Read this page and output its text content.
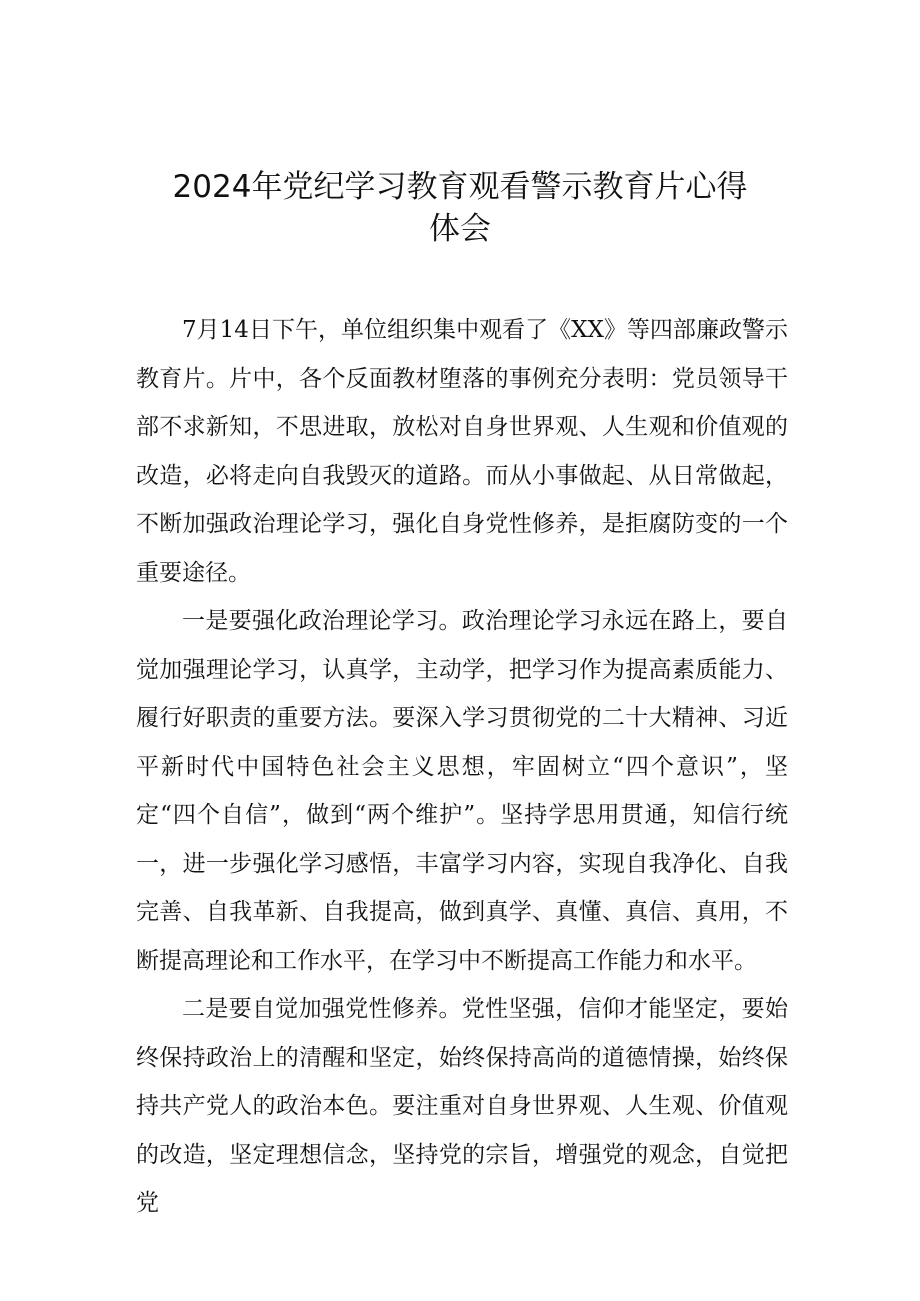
2024年党纪学习教育观看警示教育片心得
体会

7月14日下午，单位组织集中观看了《XX》等四部廉政警示教育片。片中，各个反面教材堕落的事例充分表明：党员领导干部不求新知，不思进取，放松对自身世界观、人生观和价值观的改造，必将走向自我毁灭的道路。而从小事做起、从日常做起，不断加强政治理论学习，强化自身党性修养，是拒腐防变的一个重要途径。

一是要强化政治理论学习。政治理论学习永远在路上，要自觉加强理论学习，认真学，主动学，把学习作为提高素质能力、履行好职责的重要方法。要深入学习贯彻党的二十大精神、习近平新时代中国特色社会主义思想，牢固树立“四个意识”，坚定“四个自信”，做到“两个维护”。坚持学思用贯通，知信行统一，进一步强化学习感悟，丰富学习内容，实现自我净化、自我完善、自我革新、自我提高，做到真学、真懂、真信、真用，不断提高理论和工作水平，在学习中不断提高工作能力和水平。

二是要自觉加强党性修养。党性坚强，信仰才能坚定，要始终保持政治上的清醒和坚定，始终保持高尚的道德情操，始终保持共产党人的政治本色。要注重对自身世界观、人生观、价值观的改造，坚定理想信念，坚持党的宗旨，增强党的观念，自觉把党
